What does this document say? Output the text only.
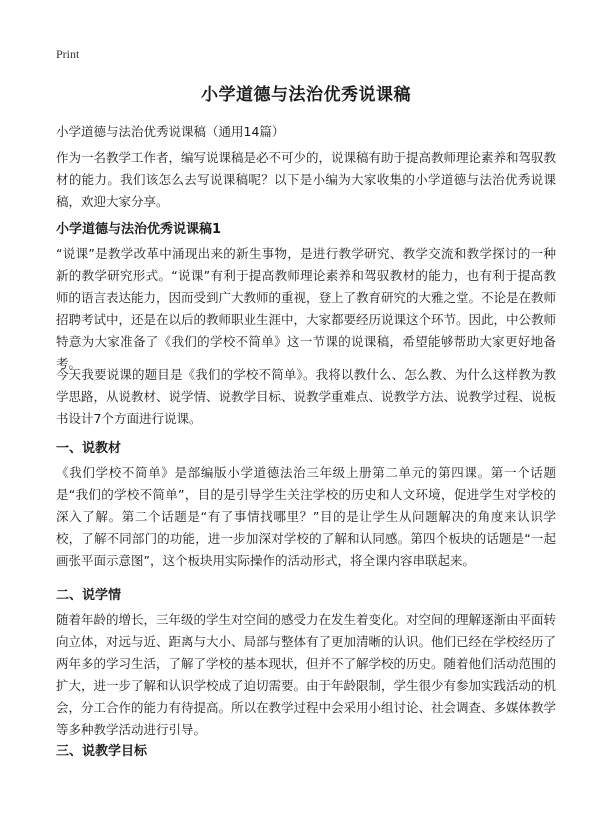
Print
小学道德与法治优秀说课稿
小学道德与法治优秀说课稿（通用14篇）

作为一名教学工作者，编写说课稿是必不可少的，说课稿有助于提高教师理论素养和驾驭教材的能力。我们该怎么去写说课稿呢？以下是小编为大家收集的小学道德与法治优秀说课稿，欢迎大家分享。

小学道德与法治优秀说课稿1

“说课”是教学改革中涌现出来的新生事物，是进行教学研究、教学交流和教学探讨的一种新的教学研究形式。“说课”有利于提高教师理论素养和驾驭教材的能力，也有利于提高教师的语言表达能力，因而受到广大教师的重视，登上了教育研究的大雅之堂。不论是在教师招聘考试中，还是在以后的教师职业生涯中，大家都要经历说课这个环节。因此，中公教师特意为大家准备了《我们的学校不简单》这一节课的说课稿，希望能够帮助大家更好地备考。

今天我要说课的题目是《我们的学校不简单》。我将以教什么、怎么教、为什么这样教为教学思路，从说教材、说学情、说教学目标、说教学重难点、说教学方法、说教学过程、说板书设计7个方面进行说课。

一、说教材

《我们学校不简单》是部编版小学道德法治三年级上册第二单元的第四课。第一个话题是“我们的学校不简单”，目的是引导学生关注学校的历史和人文环境，促进学生对学校的深入了解。第二个话题是“有了事情找哪里？”目的是让学生从问题解决的角度来认识学校，了解不同部门的功能，进一步加深对学校的了解和认同感。第四个板块的话题是“一起画张平面示意图”，这个板块用实际操作的活动形式，将全课内容串联起来。

二、说学情

随着年龄的增长，三年级的学生对空间的感受力在发生着变化。对空间的理解逐渐由平面转向立体，对远与近、距离与大小、局部与整体有了更加清晰的认识。他们已经在学校经历了两年多的学习生活，了解了学校的基本现状，但并不了解学校的历史。随着他们活动范围的扩大，进一步了解和认识学校成了迫切需要。由于年龄限制，学生很少有参加实践活动的机会，分工合作的能力有待提高。所以在教学过程中会采用小组讨论、社会调查、多媒体教学等多种教学活动进行引导。

三、说教学目标
